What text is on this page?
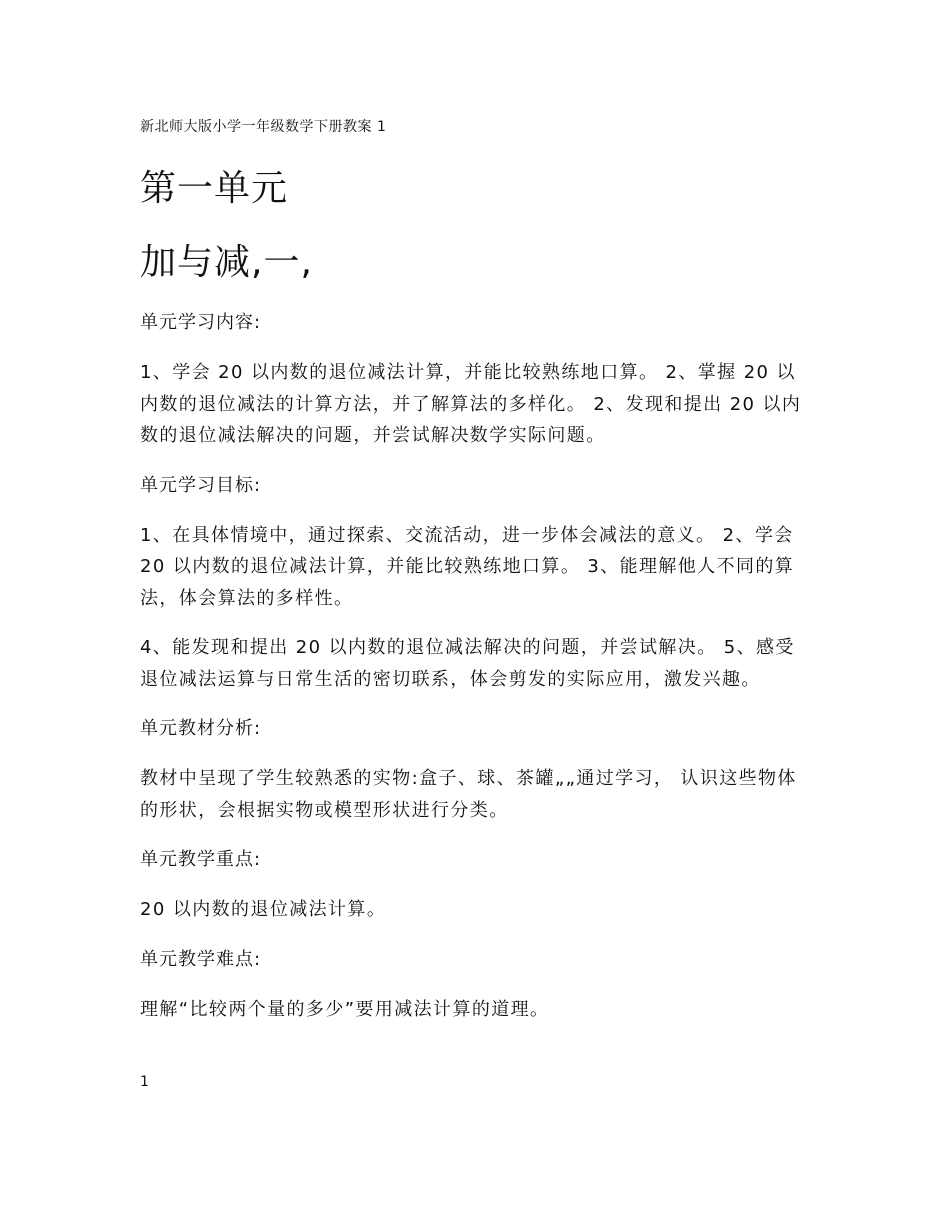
新北师大版小学一年级数学下册教案 1

第一单元
加与减,一,

单元学习内容:

1、学会 20 以内数的退位减法计算，并能比较熟练地口算。 2、掌握 20 以内数的退位减法的计算方法，并了解算法的多样化。 2、发现和提出 20 以内数的退位减法解决的问题，并尝试解决数学实际问题。

单元学习目标:

1、在具体情境中，通过探索、交流活动，进一步体会减法的意义。 2、学会 20 以内数的退位减法计算，并能比较熟练地口算。 3、能理解他人不同的算法，体会算法的多样性。

4、能发现和提出 20 以内数的退位减法解决的问题，并尝试解决。 5、感受退位减法运算与日常生活的密切联系，体会剪发的实际应用，激发兴趣。

单元教材分析:

教材中呈现了学生较熟悉的实物:盒子、球、茶罐„„通过学习， 认识这些物体的形状，会根据实物或模型形状进行分类。

单元教学重点:

20 以内数的退位减法计算。

单元教学难点:

理解“比较两个量的多少”要用减法计算的道理。

1
